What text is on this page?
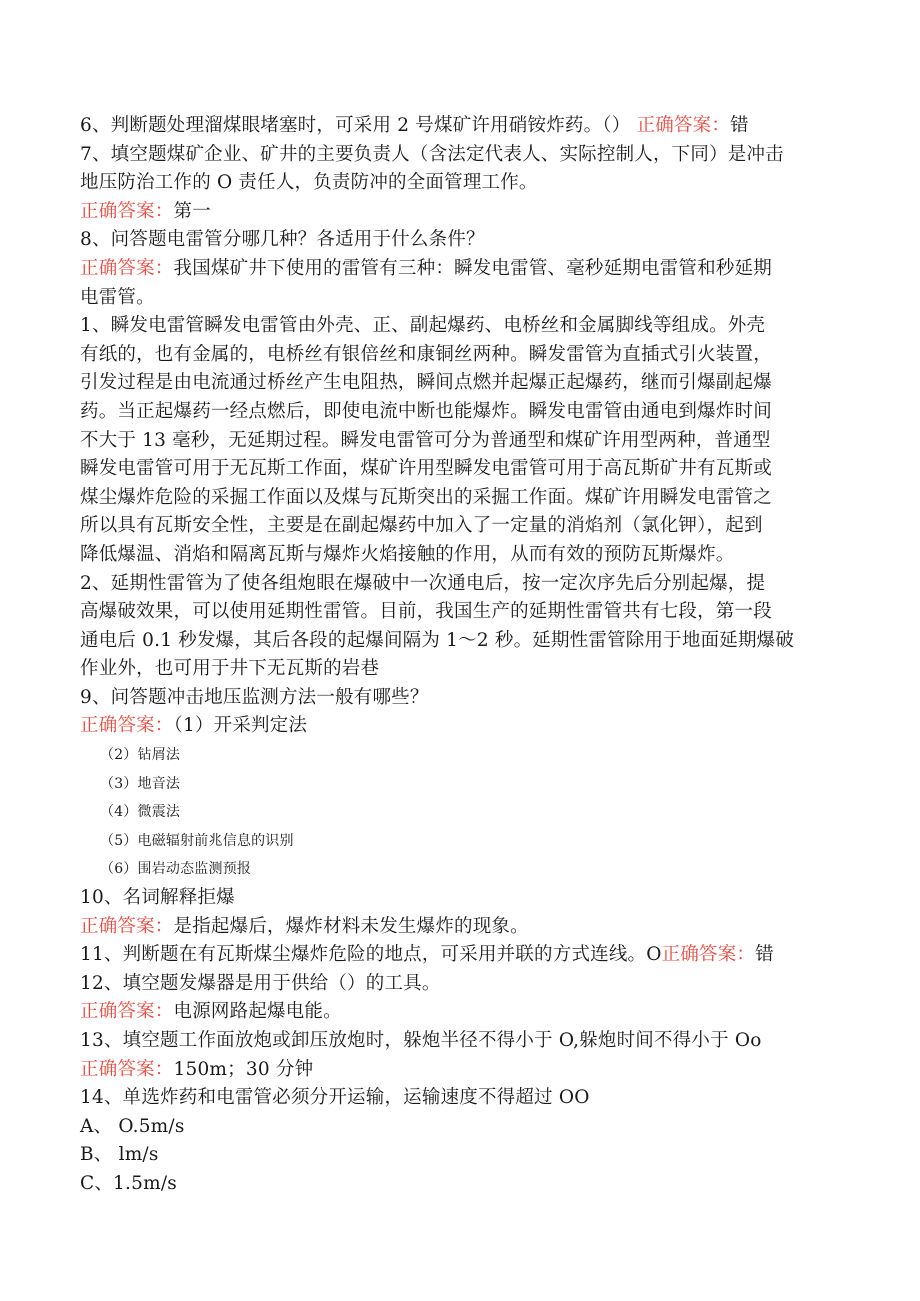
6、判断题处理溜煤眼堵塞时，可采用 2 号煤矿许用硝铵炸药。（） 正确答案：错
7、填空题煤矿企业、矿井的主要负责人（含法定代表人、实际控制人，下同）是冲击
地压防治工作的 O 责任人，负责防冲的全面管理工作。
正确答案：第一
8、问答题电雷管分哪几种？各适用于什么条件？
正确答案：我国煤矿井下使用的雷管有三种：瞬发电雷管、毫秒延期电雷管和秒延期
电雷管。
1、瞬发电雷管瞬发电雷管由外壳、正、副起爆药、电桥丝和金属脚线等组成。外壳
有纸的，也有金属的，电桥丝有银倍丝和康铜丝两种。瞬发雷管为直插式引火装置，
引发过程是由电流通过桥丝产生电阻热，瞬间点燃并起爆正起爆药，继而引爆副起爆
药。当正起爆药一经点燃后，即使电流中断也能爆炸。瞬发电雷管由通电到爆炸时间
不大于 13 毫秒，无延期过程。瞬发电雷管可分为普通型和煤矿许用型两种，普通型
瞬发电雷管可用于无瓦斯工作面，煤矿许用型瞬发电雷管可用于高瓦斯矿井有瓦斯或
煤尘爆炸危险的采掘工作面以及煤与瓦斯突出的采掘工作面。煤矿许用瞬发电雷管之
所以具有瓦斯安全性，主要是在副起爆药中加入了一定量的消焰剂（氯化钾），起到
降低爆温、消焰和隔离瓦斯与爆炸火焰接触的作用，从而有效的预防瓦斯爆炸。
2、延期性雷管为了使各组炮眼在爆破中一次通电后，按一定次序先后分别起爆，提
高爆破效果，可以使用延期性雷管。目前，我国生产的延期性雷管共有七段，第一段
通电后 0.1 秒发爆，其后各段的起爆间隔为 1～2 秒。延期性雷管除用于地面延期爆破
作业外，也可用于井下无瓦斯的岩巷
9、问答题冲击地压监测方法一般有哪些？
正确答案：（1）开采判定法
（2）钻屑法
（3）地音法
（4）微震法
（5）电磁辐射前兆信息的识别
（6）围岩动态监测预报
10、名词解释拒爆
正确答案：是指起爆后，爆炸材料未发生爆炸的现象。
11、判断题在有瓦斯煤尘爆炸危险的地点，可采用并联的方式连线。O正确答案：错
12、填空题发爆器是用于供给（）的工具。
正确答案：电源网路起爆电能。
13、填空题工作面放炮或卸压放炮时，躲炮半径不得小于 O,躲炮时间不得小于 Oo
正确答案：150m；30 分钟
14、单选炸药和电雷管必须分开运输，运输速度不得超过 OO
A、 O.5m∕s
B、 lm/s
C、1.5m∕s
